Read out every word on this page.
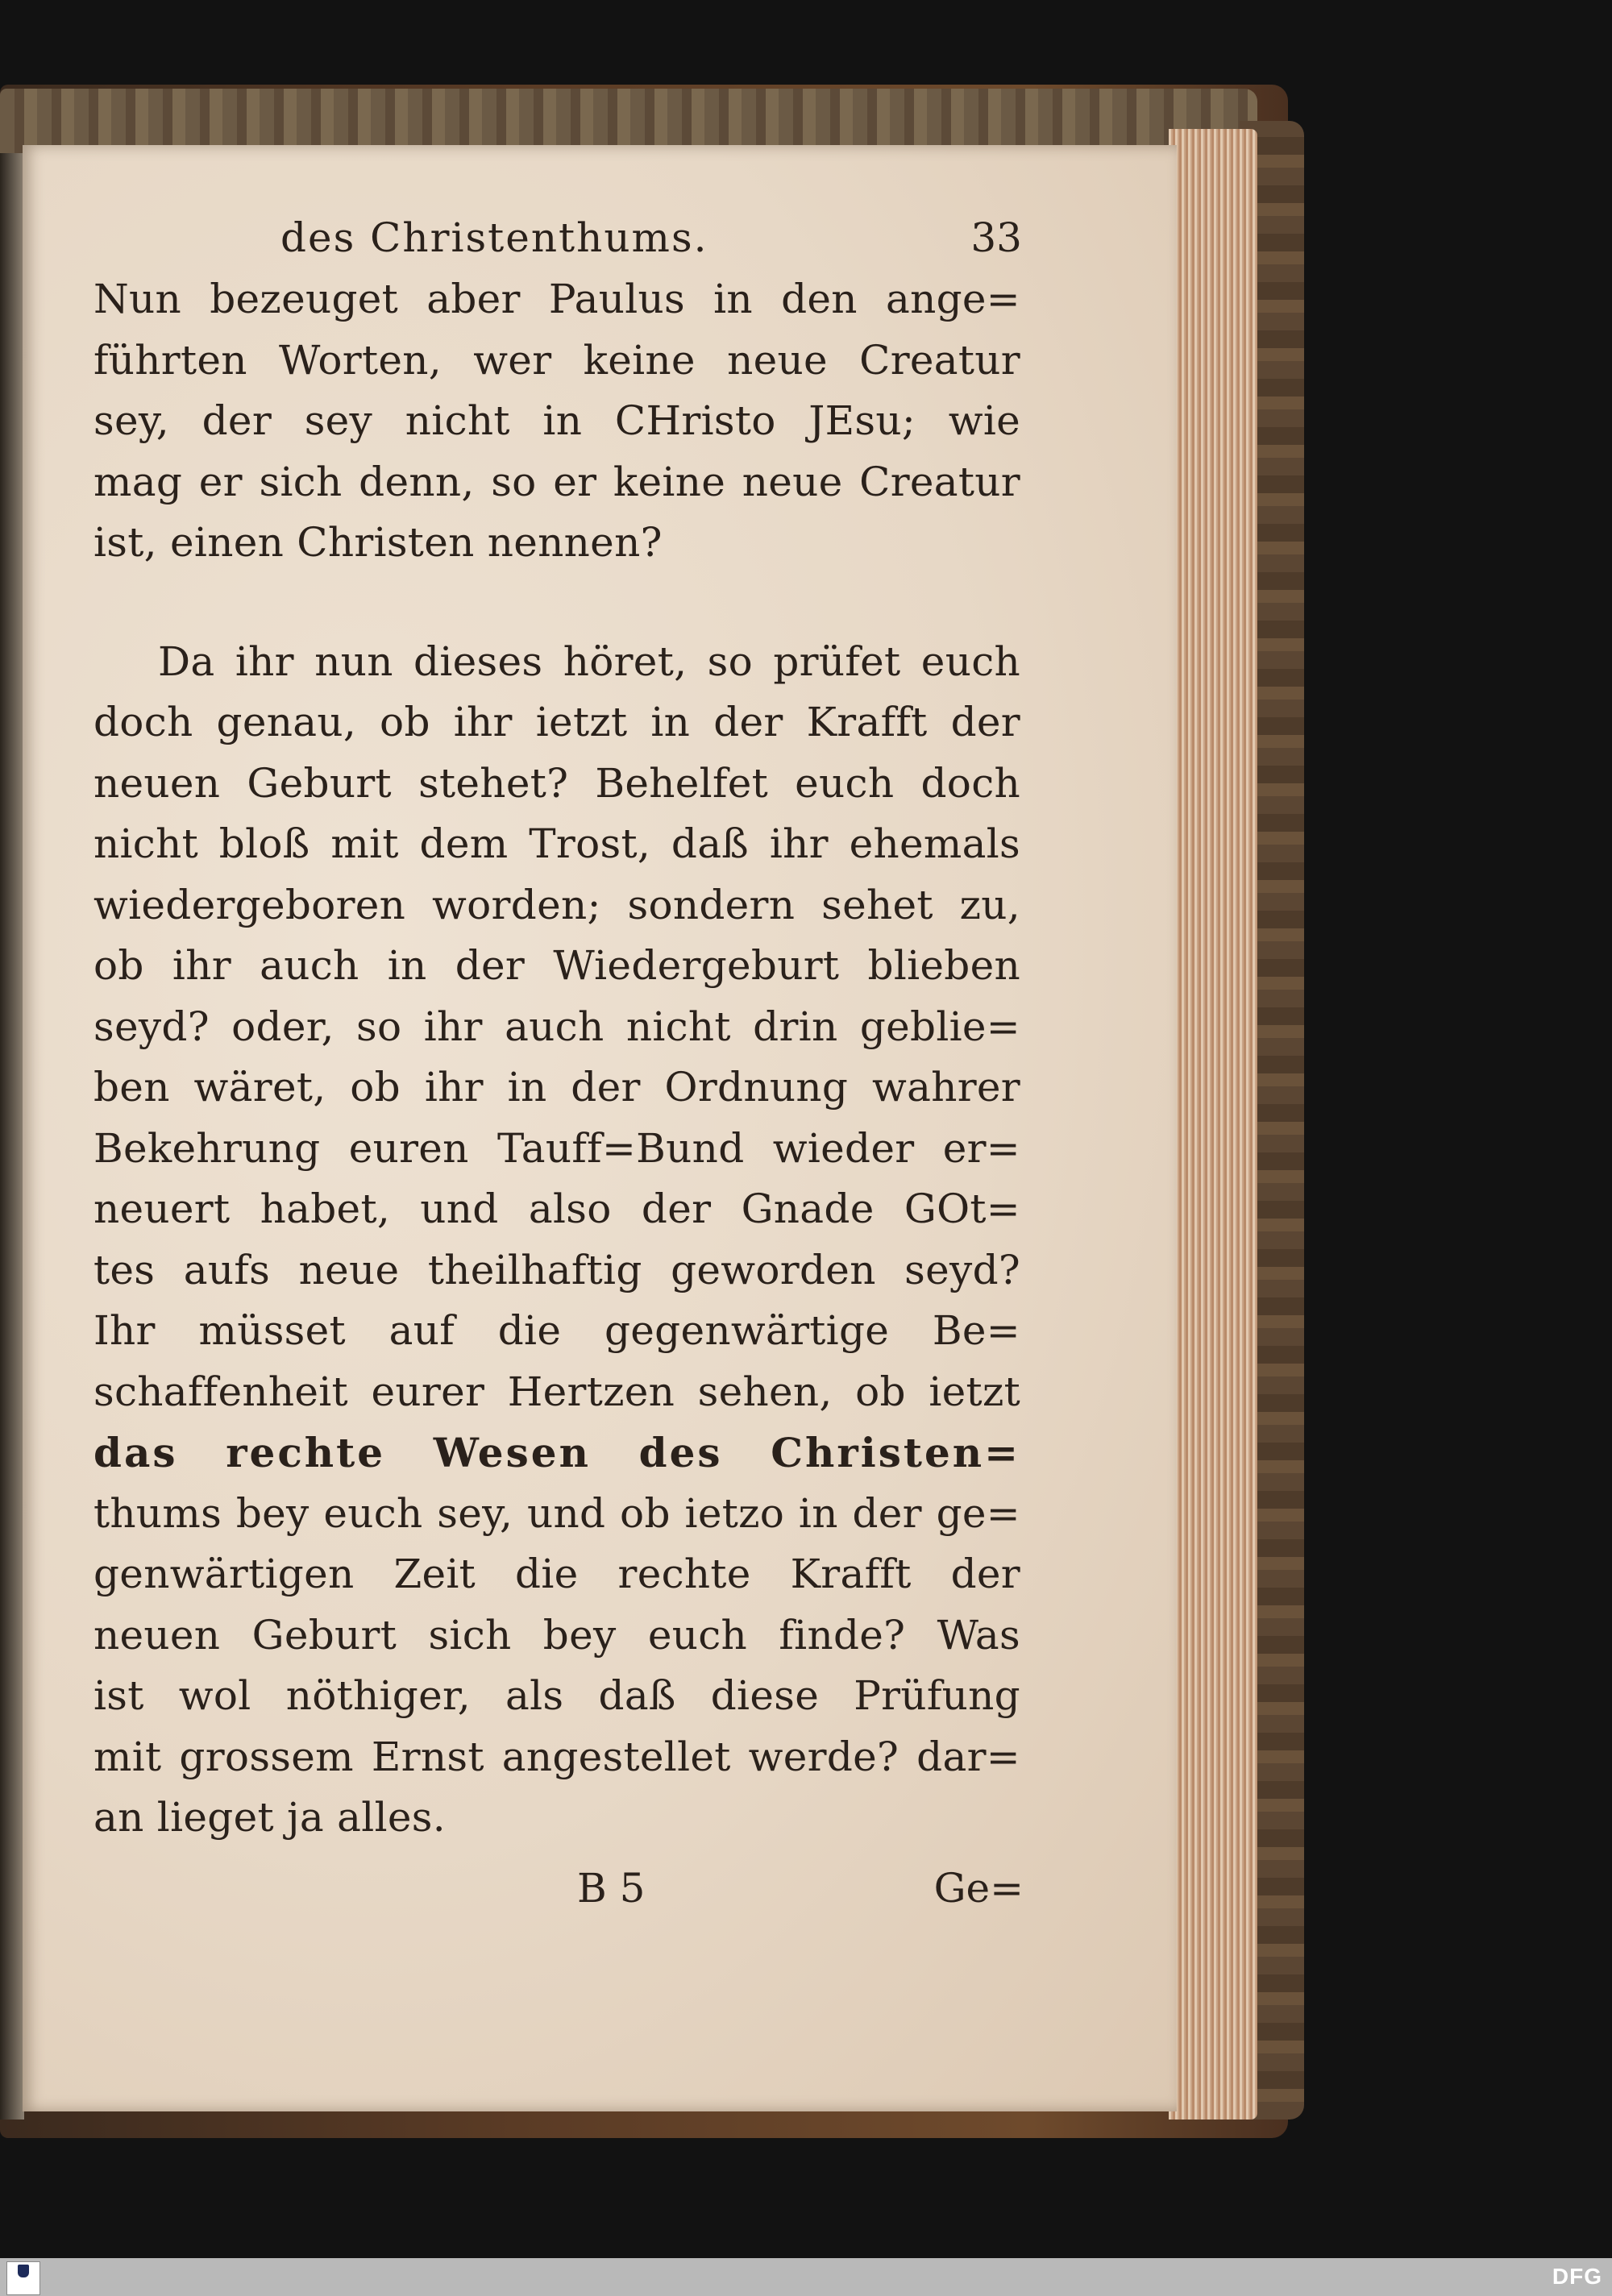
des Christenthums.	33
Nun bezeuget aber Paulus in den ange=
führten Worten, wer keine neue Creatur
sey, der sey nicht in CHristo JEsu; wie
mag er sich denn, so er keine neue Creatur
ist, einen Christen nennen?
Da ihr nun dieses höret, so prüfet euch
doch genau, ob ihr ietzt in der Krafft der
neuen Geburt stehet? Behelfet euch doch
nicht bloß mit dem Trost, daß ihr ehemals
wiedergeboren worden; sondern sehet zu,
ob ihr auch in der Wiedergeburt blieben
seyd? oder, so ihr auch nicht drin geblie=
ben wäret, ob ihr in der Ordnung wahrer
Bekehrung euren Tauff=Bund wieder er=
neuert habet, und also der Gnade GOt=
tes aufs neue theilhaftig geworden seyd?
Ihr müsset auf die gegenwärtige Be=
schaffenheit eurer Hertzen sehen, ob ietzt
das rechte Wesen des Christen=
thums bey euch sey, und ob ietzo in der ge=
genwärtigen Zeit die rechte Krafft der
neuen Geburt sich bey euch finde? Was
ist wol nöthiger, als daß diese Prüfung
mit grossem Ernst angestellet werde? dar=
an lieget ja alles.
B 5	Ge=
DFG
